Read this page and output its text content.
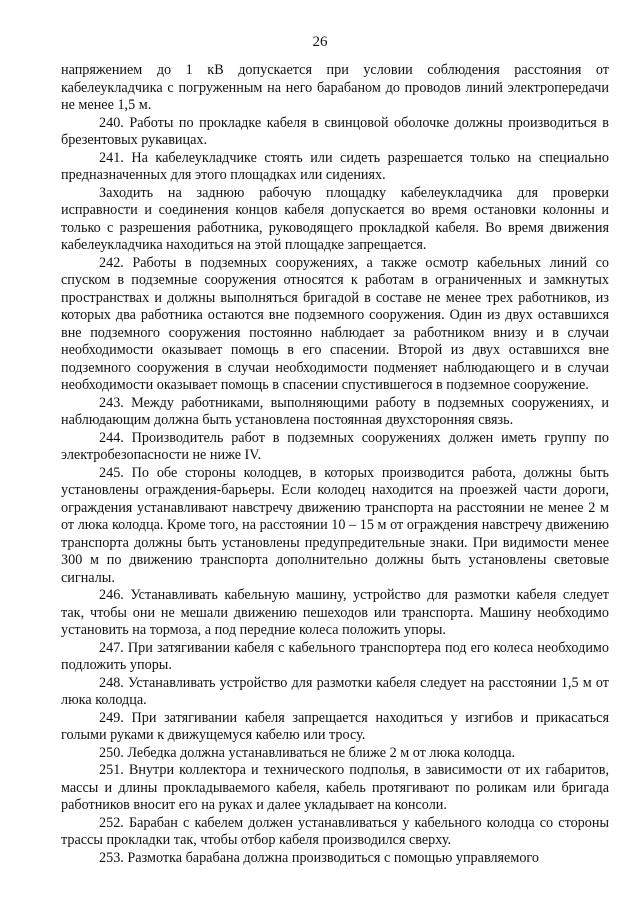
26

напряжением до 1 кВ допускается при условии соблюдения расстояния от кабелеукладчика с погруженным на него барабаном до проводов линий электропередачи не менее 1,5 м.

240. Работы по прокладке кабеля в свинцовой оболочке должны производиться в брезентовых рукавицах.

241. На кабелеукладчике стоять или сидеть разрешается только на специально предназначенных для этого площадках или сидениях.

Заходить на заднюю рабочую площадку кабелеукладчика для проверки исправности и соединения концов кабеля допускается во время остановки колонны и только с разрешения работника, руководящего прокладкой кабеля. Во время движения кабелеукладчика находиться на этой площадке запрещается.

242. Работы в подземных сооружениях, а также осмотр кабельных линий со спуском в подземные сооружения относятся к работам в ограниченных и замкнутых пространствах и должны выполняться бригадой в составе не менее трех работников, из которых два работника остаются вне подземного сооружения. Один из двух оставшихся вне подземного сооружения постоянно наблюдает за работником внизу и в случаи необходимости оказывает помощь в его спасении. Второй из двух оставшихся вне подземного сооружения в случаи необходимости подменяет наблюдающего и в случаи необходимости оказывает помощь в спасении спустившегося в подземное сооружение.

243. Между работниками, выполняющими работу в подземных сооружениях, и наблюдающим должна быть установлена постоянная двухсторонняя связь.

244. Производитель работ в подземных сооружениях должен иметь группу по электробезопасности не ниже IV.

245. По обе стороны колодцев, в которых производится работа, должны быть установлены ограждения-барьеры. Если колодец находится на проезжей части дороги, ограждения устанавливают навстречу движению транспорта на расстоянии не менее 2 м от люка колодца. Кроме того, на расстоянии 10 – 15 м от ограждения навстречу движению транспорта должны быть установлены предупредительные знаки. При видимости менее 300 м по движению транспорта дополнительно должны быть установлены световые сигналы.

246. Устанавливать кабельную машину, устройство для размотки кабеля следует так, чтобы они не мешали движению пешеходов или транспорта. Машину необходимо установить на тормоза, а под передние колеса положить упоры.

247. При затягивании кабеля с кабельного транспортера под его колеса необходимо подложить упоры.

248. Устанавливать устройство для размотки кабеля следует на расстоянии 1,5 м от люка колодца.

249. При затягивании кабеля запрещается находиться у изгибов и прикасаться голыми руками к движущемуся кабелю или тросу.

250. Лебедка должна устанавливаться не ближе 2 м от люка колодца.

251. Внутри коллектора и технического подполья, в зависимости от их габаритов, массы и длины прокладываемого кабеля, кабель протягивают по роликам или бригада работников вносит его на руках и далее укладывает на консоли.

252. Барабан с кабелем должен устанавливаться у кабельного колодца со стороны трассы прокладки так, чтобы отбор кабеля производился сверху.

253. Размотка барабана должна производиться с помощью управляемого
